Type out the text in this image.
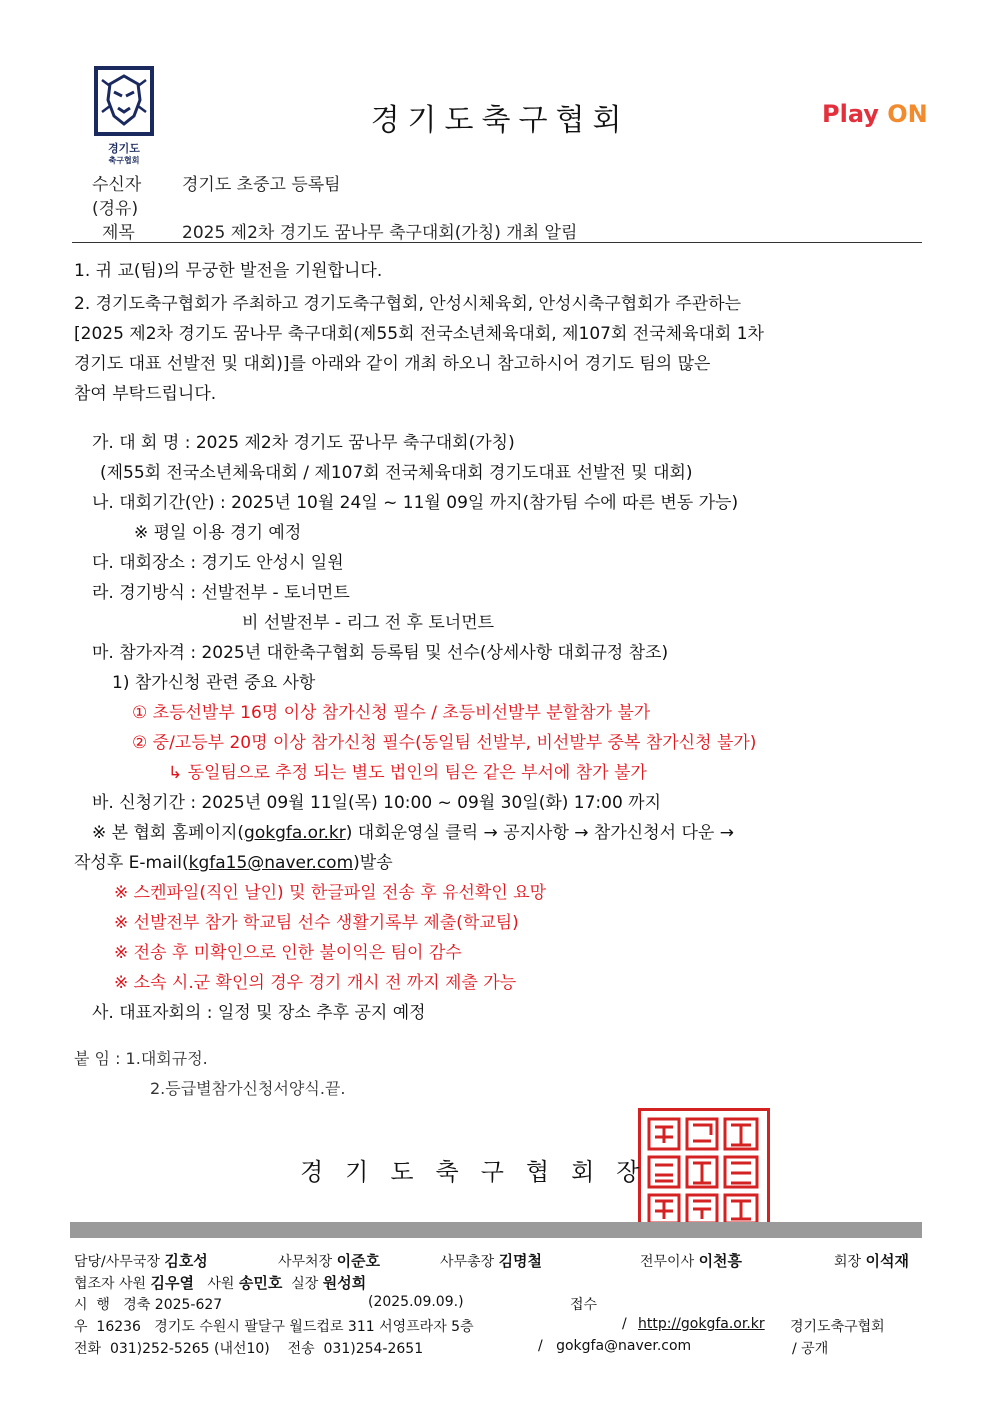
경기도
축구협회
경기도축구협회	Play ON
수신자 경기도 초중고 등록팀
(경유)
제목	2025 제2차 경기도 꿈나무 축구대회(가칭) 개최 알림
1. 귀 교(팀)의 무궁한 발전을 기원합니다.
2. 경기도축구협회가 주최하고 경기도축구협회, 안성시체육회, 안성시축구협회가 주관하는
[2025 제2차 경기도 꿈나무 축구대회(제55회 전국소년체육대회, 제107회 전국체육대회 1차
경기도 대표 선발전 및 대회)]를 아래와 같이 개최 하오니 참고하시어 경기도 팀의 많은
참여 부탁드립니다.
가. 대 회 명 : 2025 제2차 경기도 꿈나무 축구대회(가칭)
(제55회 전국소년체육대회 / 제107회 전국체육대회 경기도대표 선발전 및 대회)
나. 대회기간(안) : 2025년 10월 24일 ~ 11월 09일 까지(참가팀 수에 따른 변동 가능)
※ 평일 이용 경기 예정
다. 대회장소 : 경기도 안성시 일원
라. 경기방식 : 선발전부 - 토너먼트
비 선발전부 - 리그 전 후 토너먼트
마. 참가자격 : 2025년 대한축구협회 등록팀 및 선수(상세사항 대회규정 참조)
1) 참가신청 관련 중요 사항
① 초등선발부 16명 이상 참가신청 필수 / 초등비선발부 분할참가 불가
② 중/고등부 20명 이상 참가신청 필수(동일팀 선발부, 비선발부 중복 참가신청 불가)
↳ 동일팀으로 추정 되는 별도 법인의 팀은 같은 부서에 참가 불가
바. 신청기간 : 2025년 09월 11일(목) 10:00 ~ 09월 30일(화) 17:00 까지
※ 본 협회 홈페이지(gokgfa.or.kr) 대회운영실 클릭 → 공지사항 → 참가신청서 다운 →
작성후 E-mail(kgfa15@naver.com)발송
※ 스켄파일(직인 날인) 및 한글파일 전송 후 유선확인 요망
※ 선발전부 참가 학교팀 선수 생활기록부 제출(학교팀)
※ 전송 후 미확인으로 인한 불이익은 팀이 감수
※ 소속 시.군 확인의 경우 경기 개시 전 까지 제출 가능
사. 대표자회의 : 일정 및 장소 추후 공지 예정
붙 임 : 1.대회규정.
2.등급별참가신청서양식.끝.
경기도축구협회장
담당/사무국장 김호성	사무처장 이준호	사무총장 김명철	전무이사 이천흥	회장 이석재
협조자 사원 김우열 사원 송민호 실장 원성희
시  행   경축 2025-627	(2025.09.09.)	접수
우  16236   경기도 수원시 팔달구 월드컵로 311 서영프라자 5층	/ http://gokgfa.or.kr 경기도축구협회
전화  031)252-5265 (내선10)    전송  031)254-2651	/   gokgfa@naver.com	/ 공개
